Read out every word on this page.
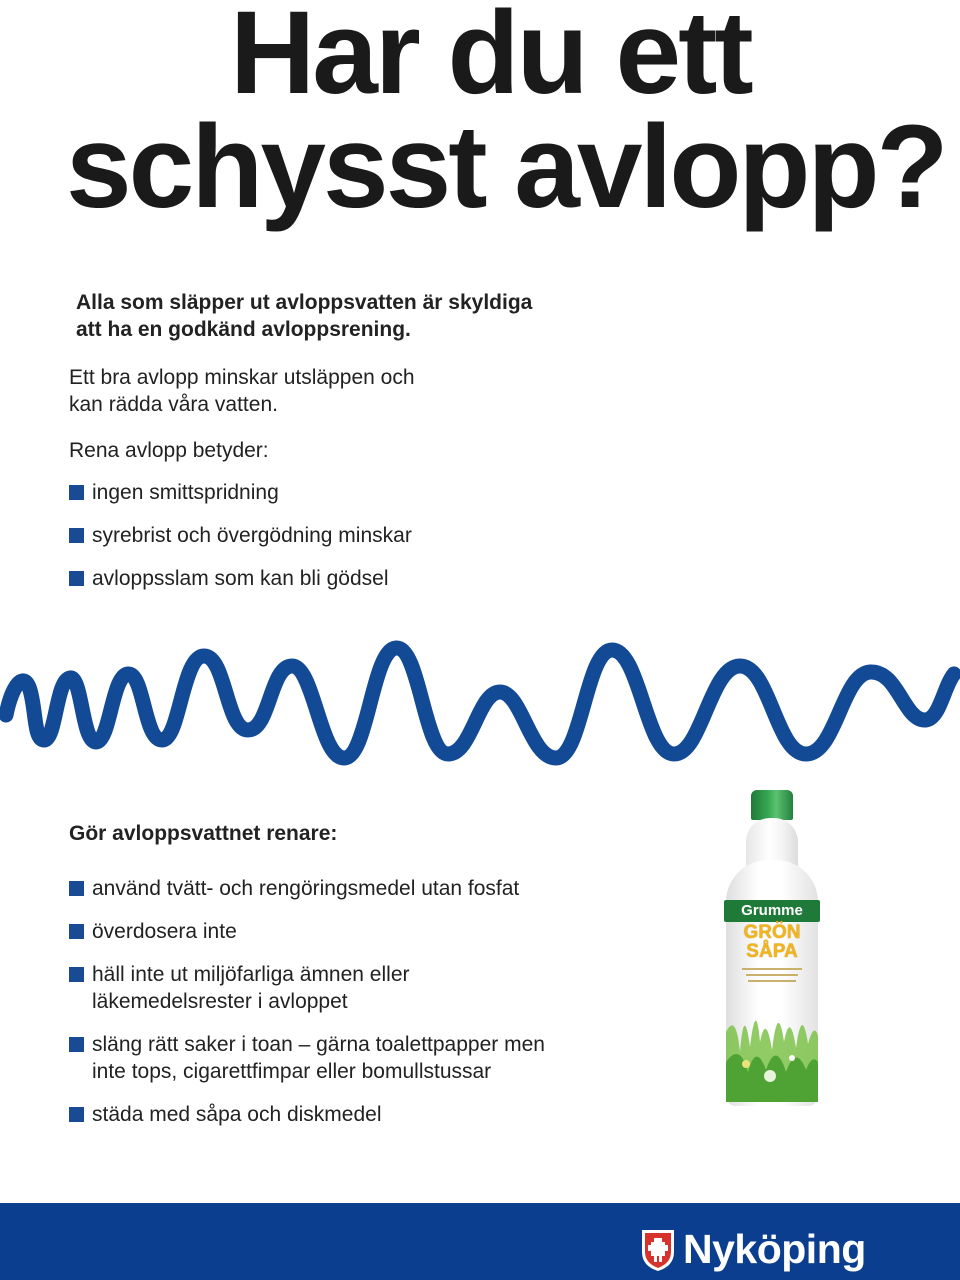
Har du ett
schysst avlopp?
Alla som släpper ut avloppsvatten är skyldiga
att ha en godkänd avloppsrening.
Ett bra avlopp minskar utsläppen och
kan rädda våra vatten.
Rena avlopp betyder:
ingen smittspridning
syrebrist och övergödning minskar
avloppsslam som kan bli gödsel
Gör avloppsvattnet renare:
använd tvätt- och rengöringsmedel utan fosfat
överdosera inte
häll inte ut miljöfarliga ämnen eller
läkemedelsrester i avloppet
släng rätt saker i toan – gärna toalettpapper men
inte tops, cigarettfimpar eller bomullstussar
städa med såpa och diskmedel
Grumme
GRÖN
SÅPA
Nyköping
